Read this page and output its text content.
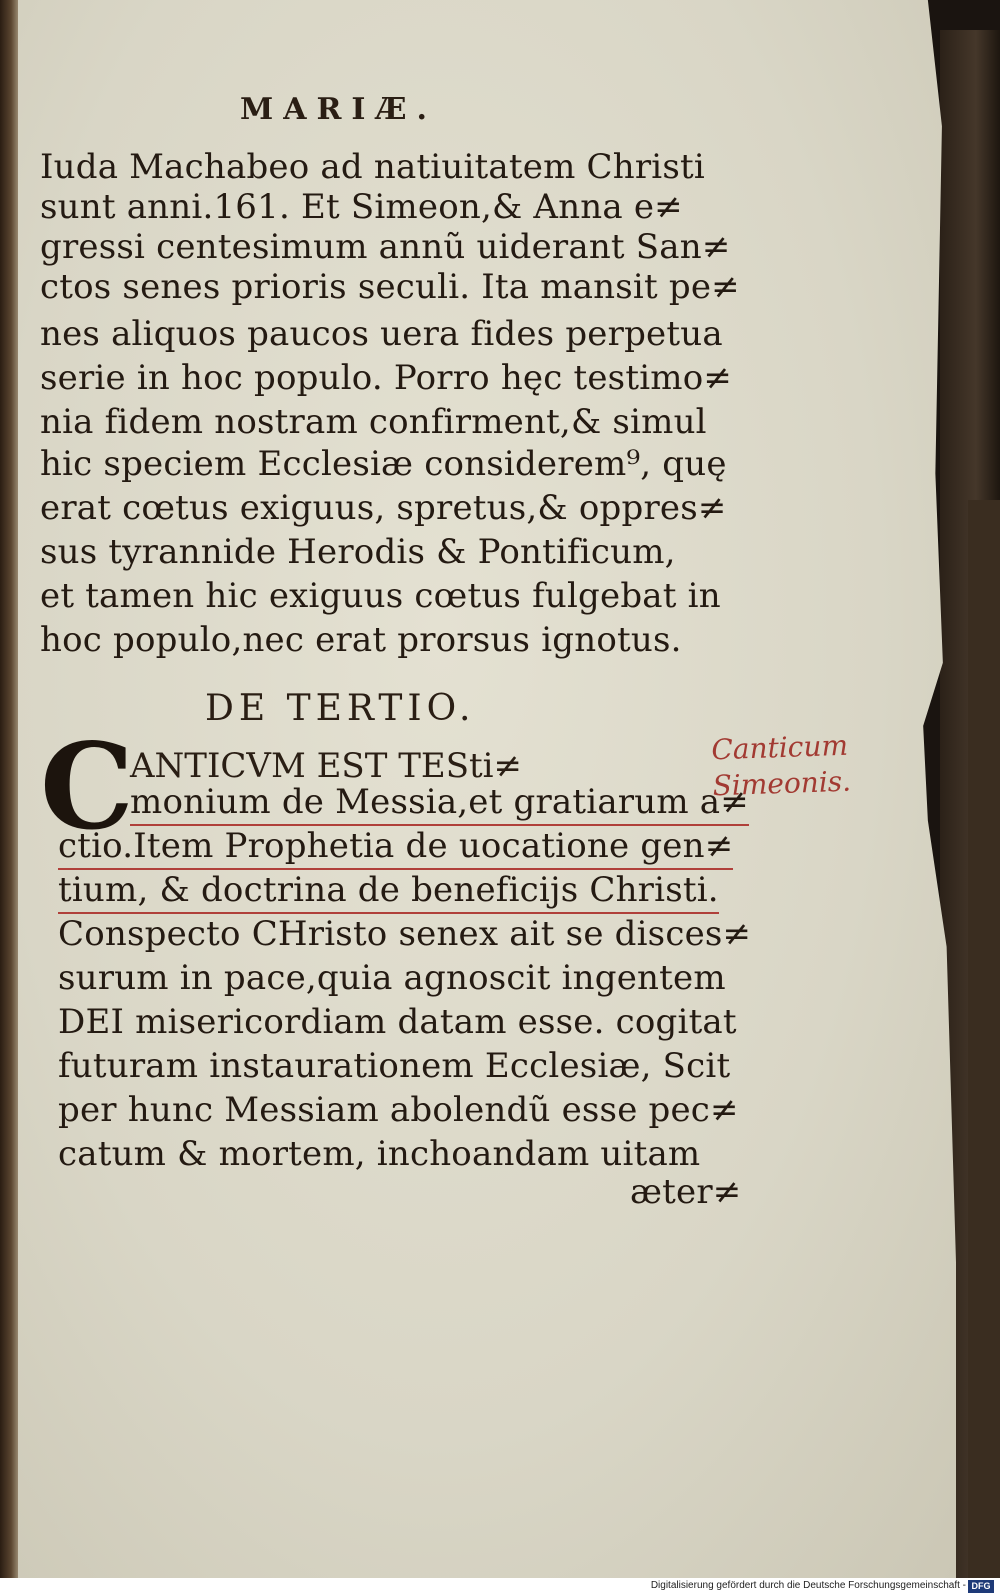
MARIÆ.
Iuda Machabeo ad natiuitatem Christi
sunt anni.161. Et Simeon,& Anna e≠
gressi centesimum annũ uiderant San≠
ctos senes prioris seculi. Ita mansit pe≠
nes aliquos paucos uera fides perpetua
serie in hoc populo. Porro hęc testimo≠
nia fidem nostram confirment,& simul
hic speciem Ecclesiæ considerem⁹, quę
erat cœtus exiguus, spretus,& oppres≠
sus tyrannide Herodis & Pontificum,
et tamen hic exiguus cœtus fulgebat in
hoc populo,nec erat prorsus ignotus.
DE TERTIO.
C
ANTICVM EST TESti≠
monium de Messia,et gratiarum a≠
ctio.Item Prophetia de uocatione gen≠
tium, & doctrina de beneficijs Christi.
Conspecto CHristo senex ait se disces≠
surum in pace,quia agnoscit ingentem
DEI misericordiam datam esse. cogitat
futuram instaurationem Ecclesiæ, Scit
per hunc Messiam abolendũ esse pec≠
catum & mortem, inchoandam uitam
æter≠
Canticum
Simeonis.
Digitalisierung gefördert durch die Deutsche Forschungsgemeinschaft - DFG
